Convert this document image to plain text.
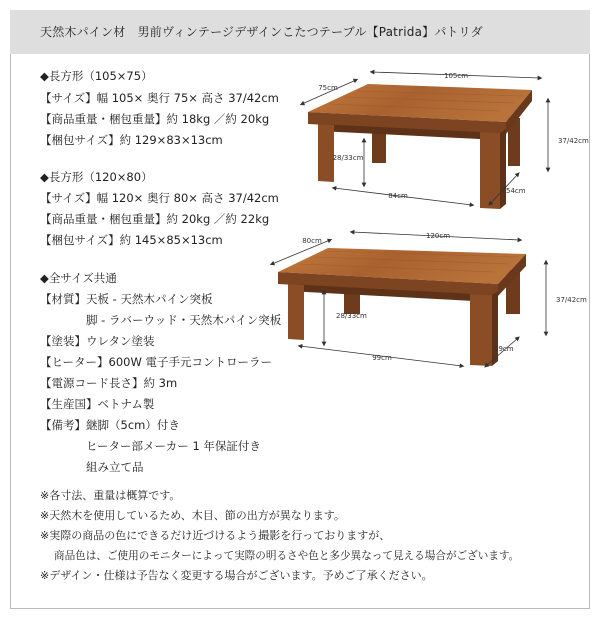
天然木パイン材　男前ヴィンテージデザインこたつテーブル【Patrida】パトリダ
◆長方形（105×75）
【サイズ】幅 105× 奥行 75× 高さ 37/42cm
【商品重量・梱包重量】約 18kg ／約 20kg
【梱包サイズ】約 129×83×13cm
◆長方形（120×80）
【サイズ】幅 120× 奥行 80× 高さ 37/42cm
【商品重量・梱包重量】約 20kg ／約 22kg
【梱包サイズ】約 145×85×13cm
◆全サイズ共通
【材質】天板 - 天然木パイン突板
脚 - ラバーウッド・天然木パイン突板
【塗装】ウレタン塗装
【ヒーター】600W 電子手元コントローラー
【電源コード長さ】約 3m
【生産国】ベトナム製
【備考】継脚（5cm）付き
ヒーター部メーカー 1 年保証付き
組み立て品
105cm
75cm
37/42cm
28/33cm
84cm
54cm
120cm
80cm
37/42cm
28/33cm
99cm
59cm
※各寸法、重量は概算です。
※天然木を使用しているため、木目、節の出方が異なります。
※実際の商品の色にできるだけ近づけるよう撮影を行っておりますが、
商品色は、ご使用のモニターによって実際の明るさや色と多少異なって見える場合がございます。
※デザイン・仕様は予告なく変更する場合がございます。予めご了承ください。
